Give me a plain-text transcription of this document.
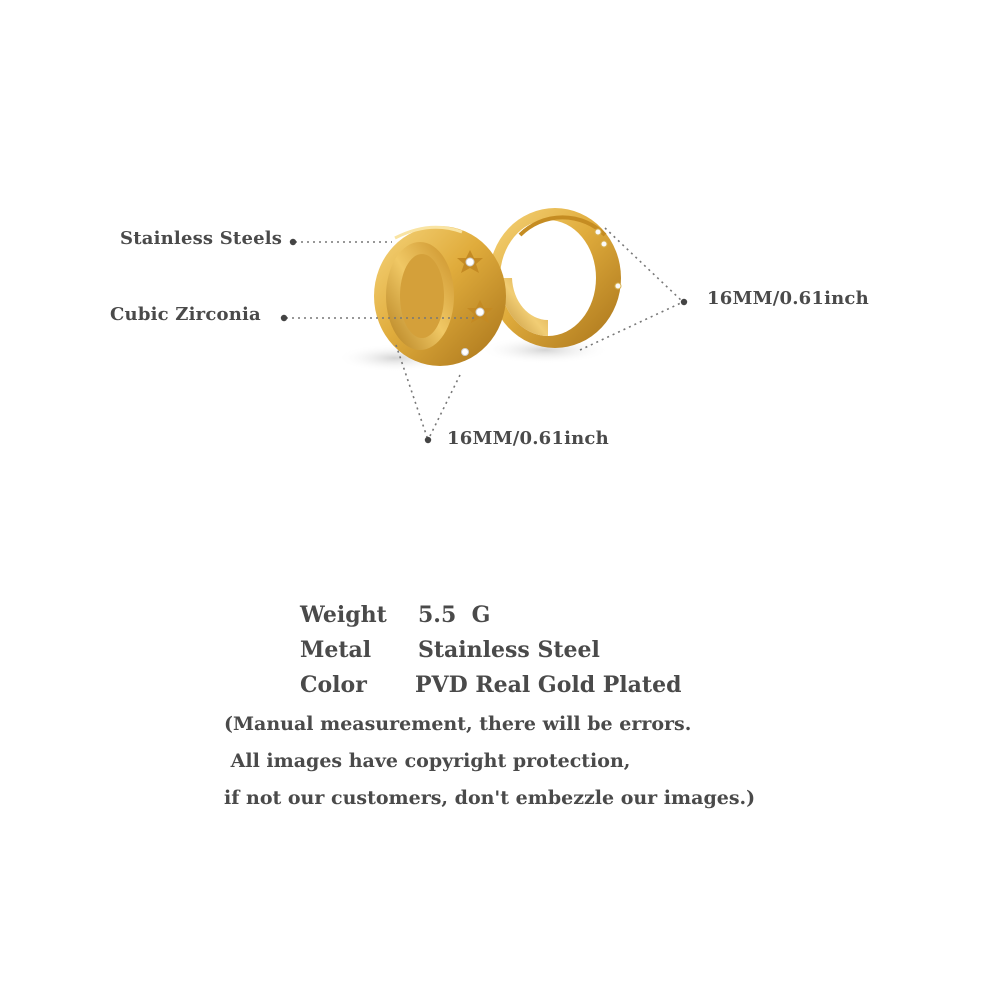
Stainless Steels
Cubic Zirconia
16MM/0.61inch
16MM/0.61inch
Weight 5.5  G
Metal Stainless Steel
Color PVD Real Gold Plated
(Manual measurement, there will be errors.
All images have copyright protection,
if not our customers, don't embezzle our images.)
